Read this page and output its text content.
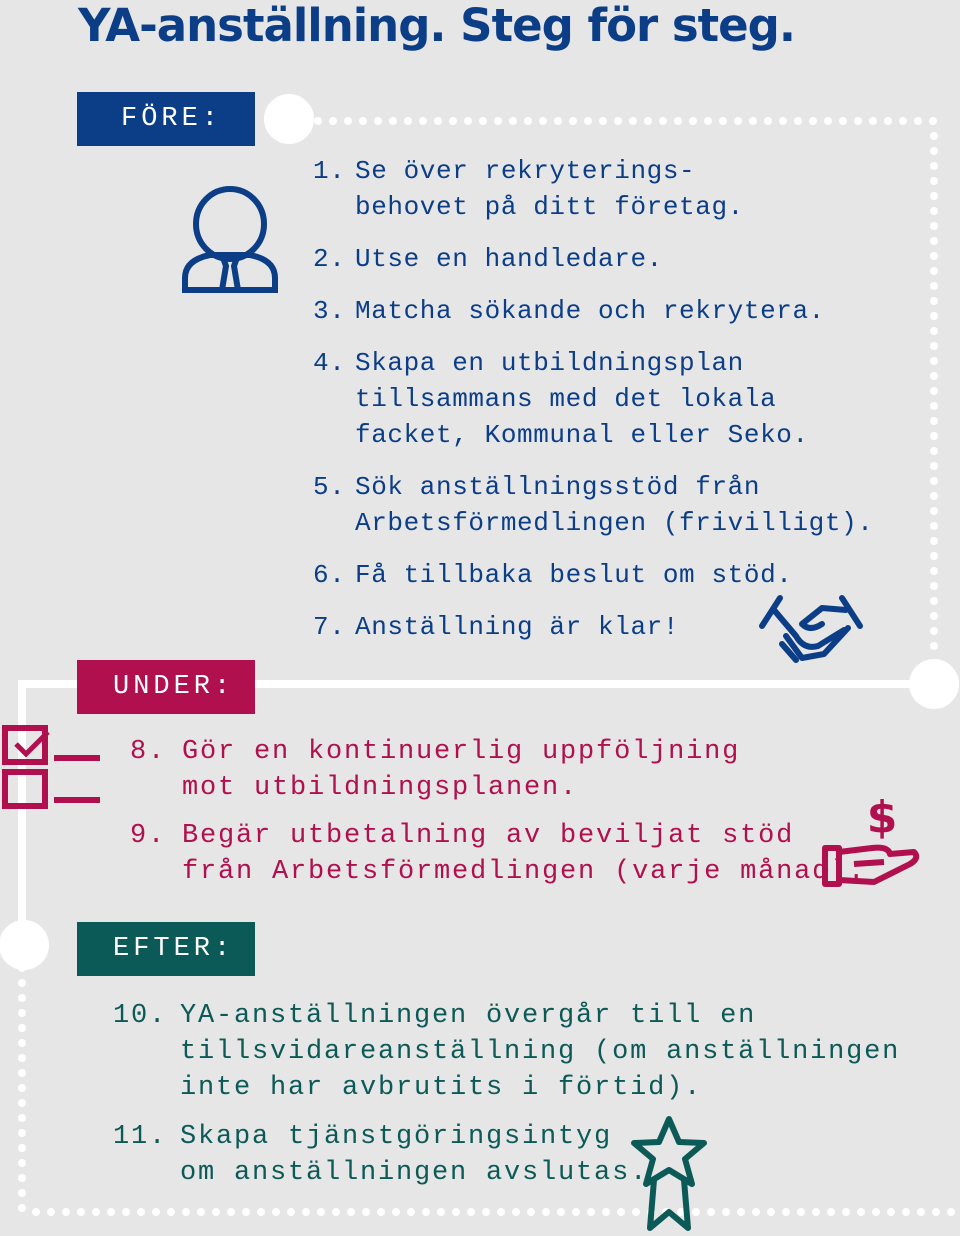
YA-anställning. Steg för steg.
FÖRE:
1. Se över rekryterings-
behovet på ditt företag.
2. Utse en handledare.
3. Matcha sökande och rekrytera.
4. Skapa en utbildningsplan
tillsammans med det lokala
facket, Kommunal eller Seko.
5. Sök anställningsstöd från
Arbetsförmedlingen (frivilligt).
6. Få tillbaka beslut om stöd.
7. Anställning är klar!
UNDER:
8. Gör en kontinuerlig uppföljning
mot utbildningsplanen.
9. Begär utbetalning av beviljat stöd
från Arbetsförmedlingen (varje månad).
$
EFTER:
10. YA-anställningen övergår till en
tillsvidareanställning (om anställningen
inte har avbrutits i förtid).
11. Skapa tjänstgöringsintyg
om anställningen avslutas.
